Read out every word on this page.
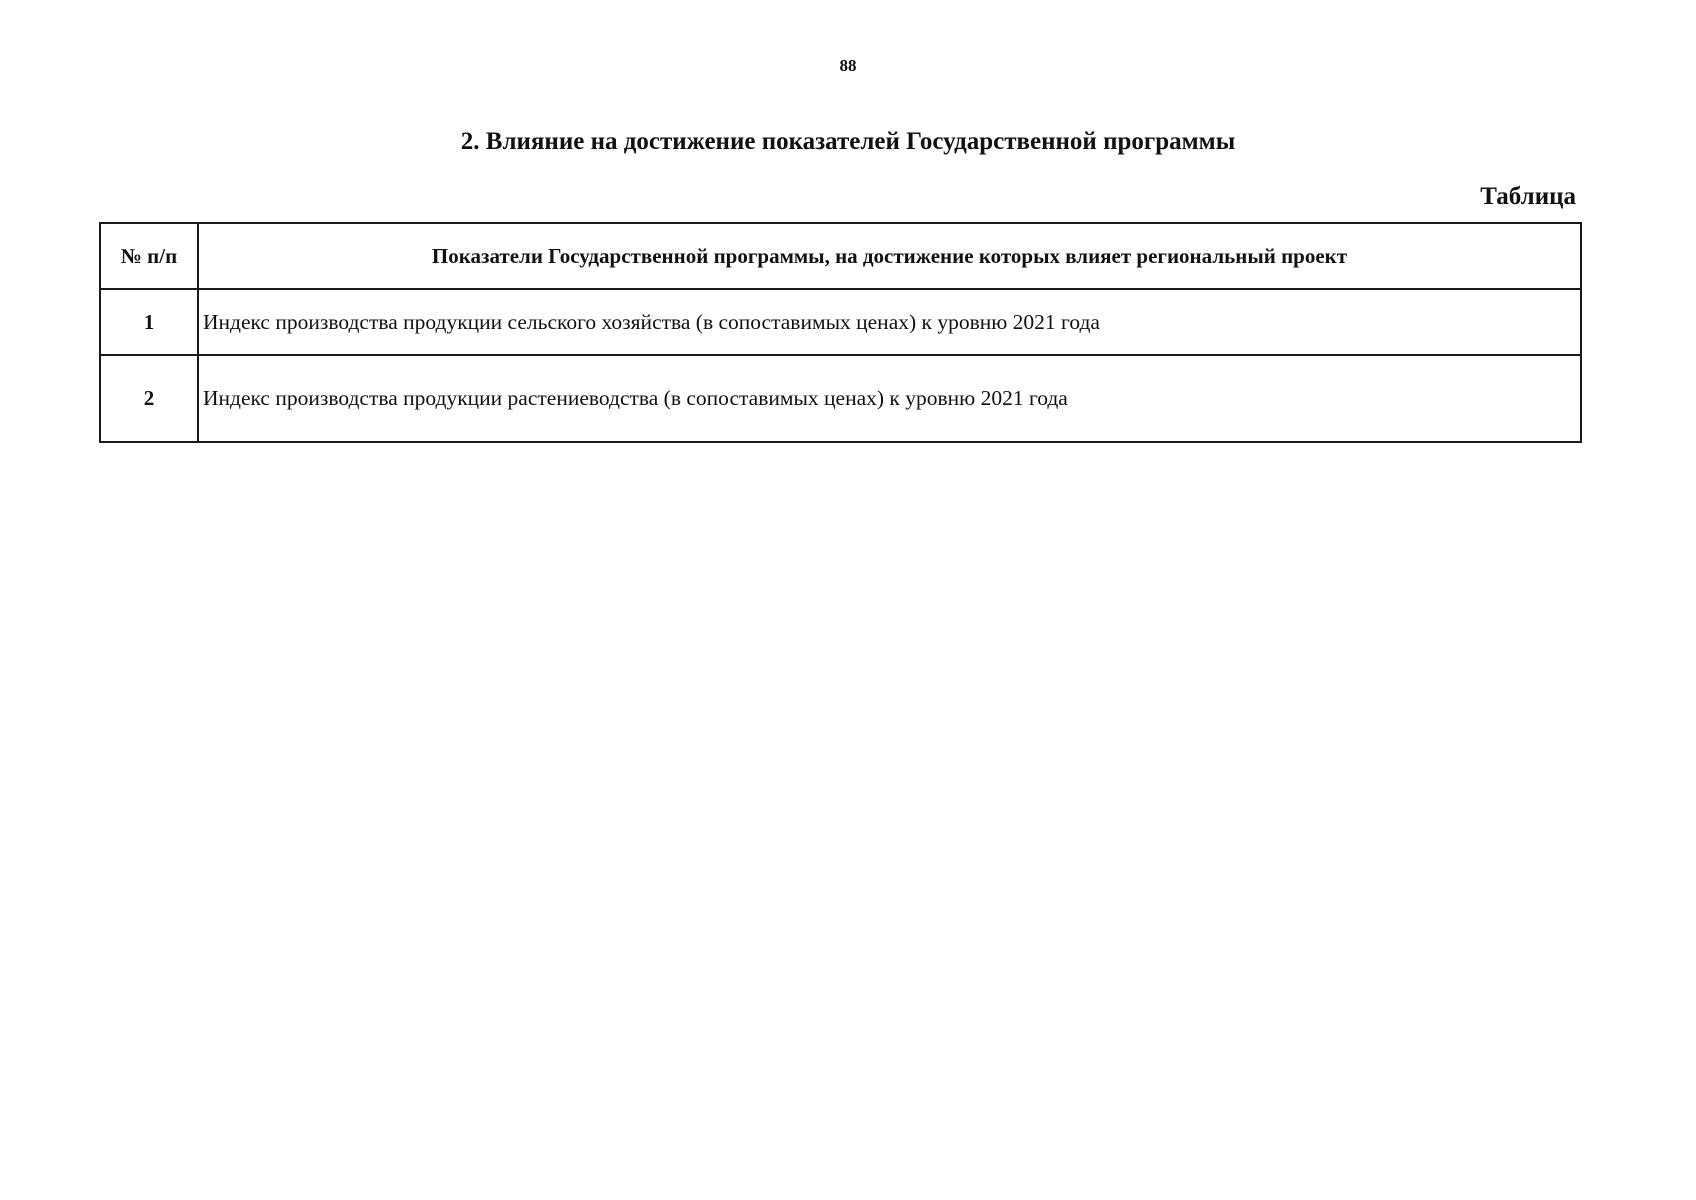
88
2. Влияние на достижение показателей Государственной программы
Таблица
№ п/п	Показатели Государственной программы, на достижение которых влияет региональный проект
1	Индекс производства продукции сельского хозяйства (в сопоставимых ценах) к уровню 2021 года
2	Индекс производства продукции растениеводства (в сопоставимых ценах) к уровню 2021 года
